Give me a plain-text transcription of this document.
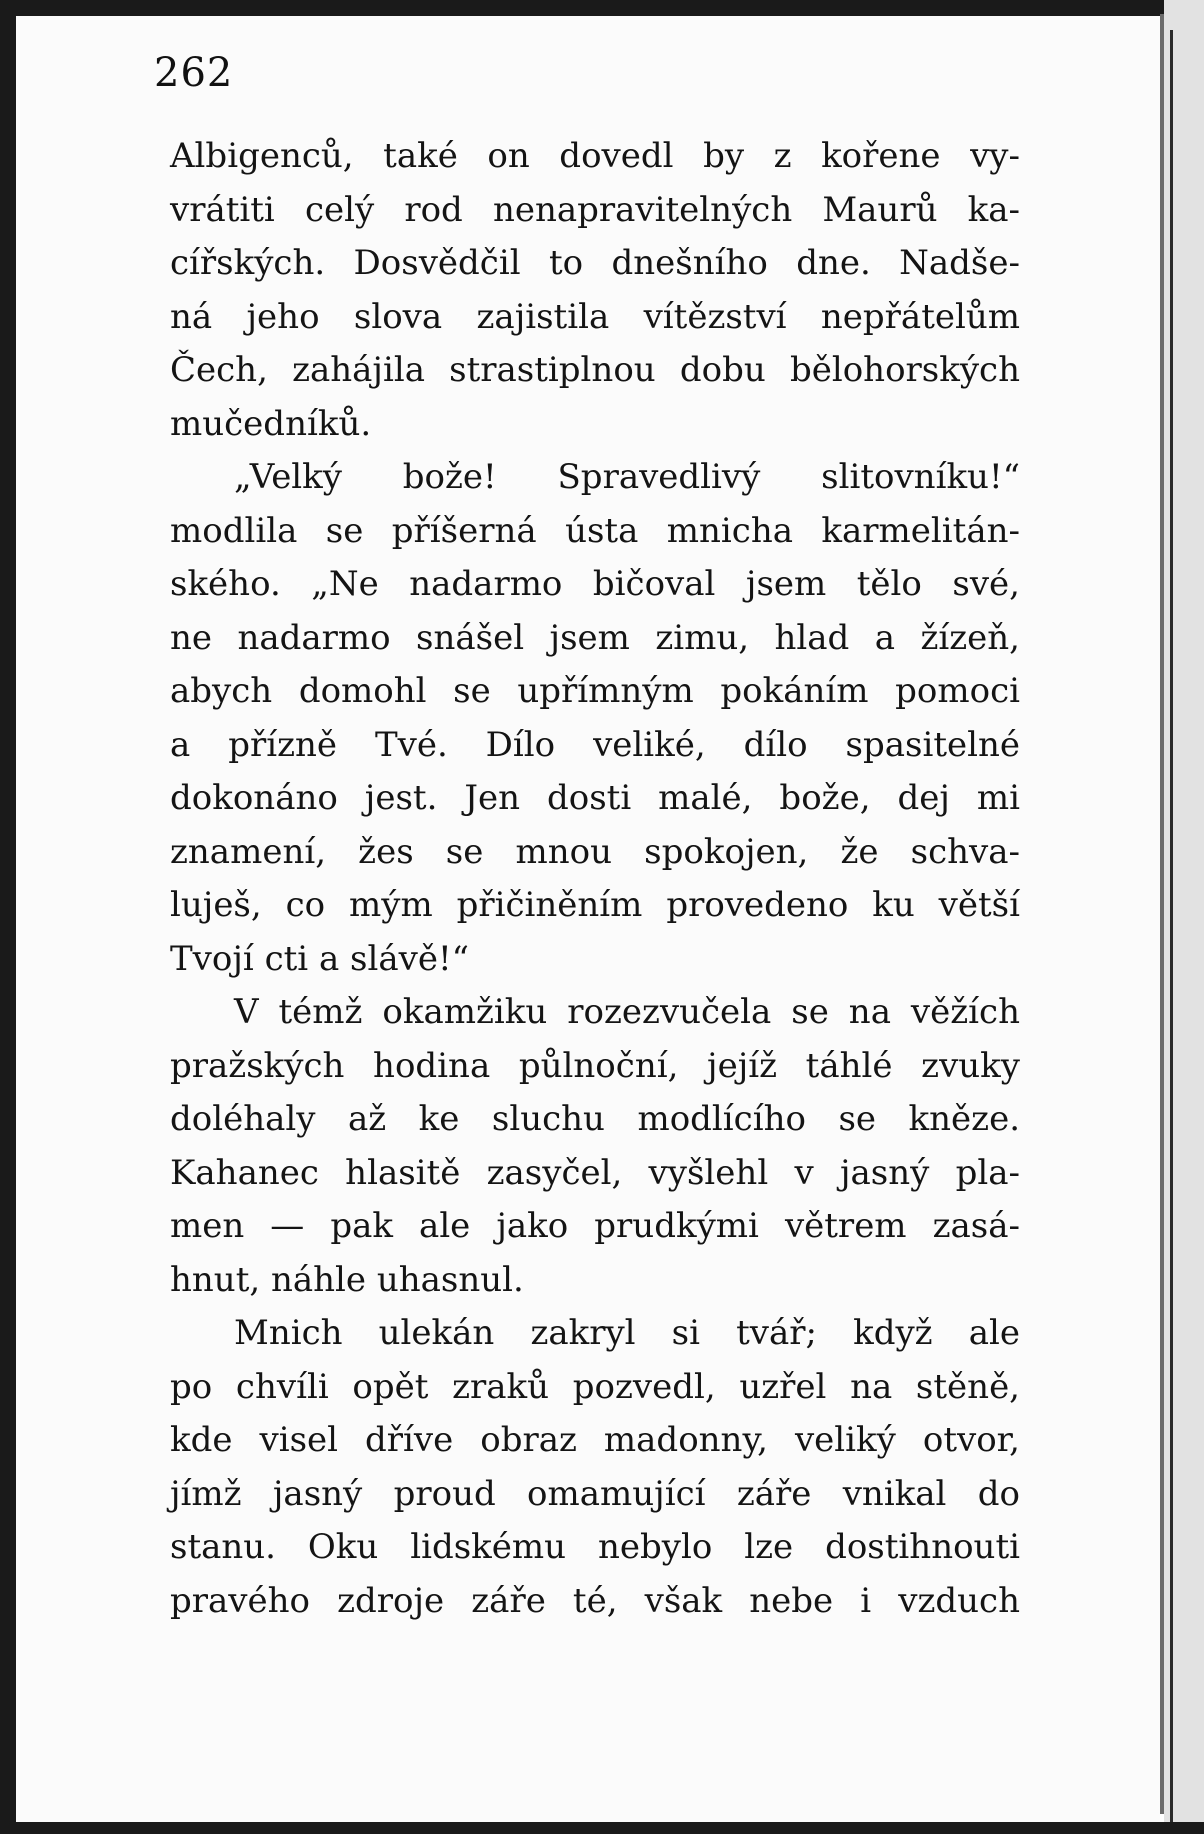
262
Albigenců, také on dovedl by z kořene vy-
vrátiti celý rod nenapravitelných Maurů ka-
cířských. Dosvědčil to dnešního dne. Nadše-
ná jeho slova zajistila vítězství nepřátelům
Čech, zahájila strastiplnou dobu bělohorských
mučedníků.
„Velký bože! Spravedlivý slitovníku!“
modlila se příšerná ústa mnicha karmelitán-
ského. „Ne nadarmo bičoval jsem tělo své,
ne nadarmo snášel jsem zimu, hlad a žízeň,
abych domohl se upřímným pokáním pomoci
a přízně Tvé. Dílo veliké, dílo spasitelné
dokonáno jest. Jen dosti malé, bože, dej mi
znamení, žes se mnou spokojen, že schva-
luješ, co mým přičiněním provedeno ku větší
Tvojí cti a slávě!“
V témž okamžiku rozezvučela se na věžích
pražských hodina půlnoční, jejíž táhlé zvuky
doléhaly až ke sluchu modlícího se kněze.
Kahanec hlasitě zasyčel, vyšlehl v jasný pla-
men — pak ale jako prudkými větrem zasá-
hnut, náhle uhasnul.
Mnich ulekán zakryl si tvář; když ale
po chvíli opět zraků pozvedl, uzřel na stěně,
kde visel dříve obraz madonny, veliký otvor,
jímž jasný proud omamující záře vnikal do
stanu. Oku lidskému nebylo lze dostihnouti
pravého zdroje záře té, však nebe i vzduch
